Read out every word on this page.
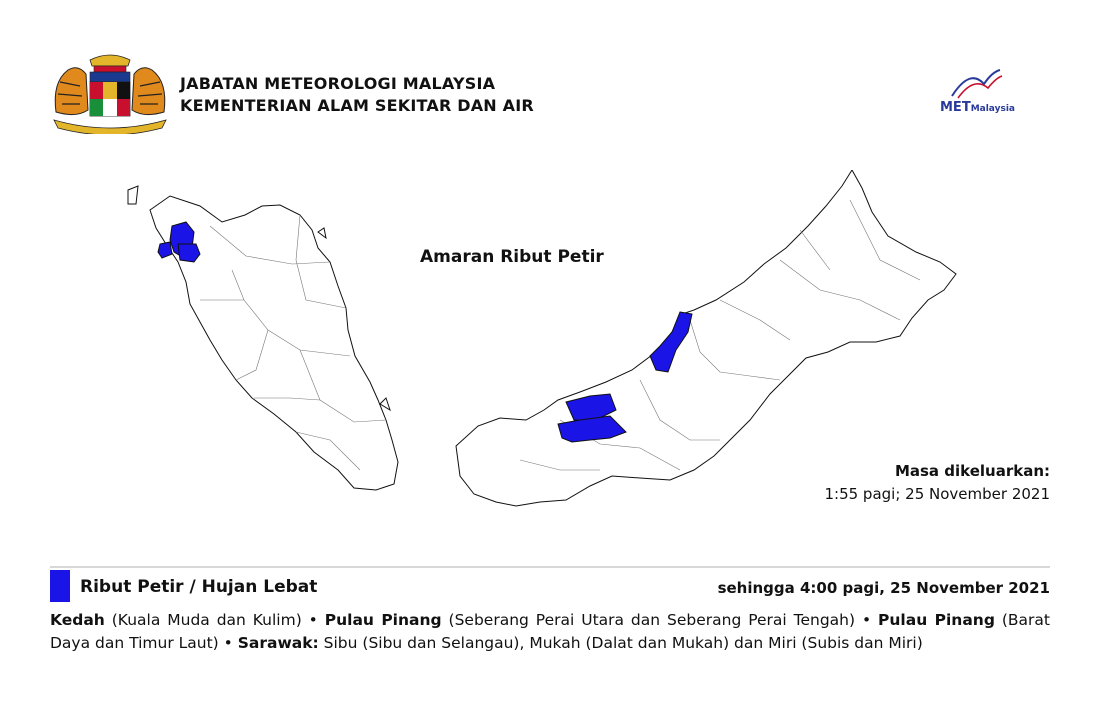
JABATAN METEOROLOGI MALAYSIA
KEMENTERIAN ALAM SEKITAR DAN AIR	METMalaysia
Amaran Ribut Petir
Masa dikeluarkan:
1:55 pagi; 25 November 2021
Ribut Petir / Hujan Lebat	sehingga 4:00 pagi, 25 November 2021
Kedah (Kuala Muda dan Kulim) • Pulau Pinang (Seberang Perai Utara dan Seberang Perai Tengah) • Pulau Pinang (Barat Daya dan Timur Laut) • Sarawak: Sibu (Sibu dan Selangau), Mukah (Dalat dan Mukah) dan Miri (Subis dan Miri)
